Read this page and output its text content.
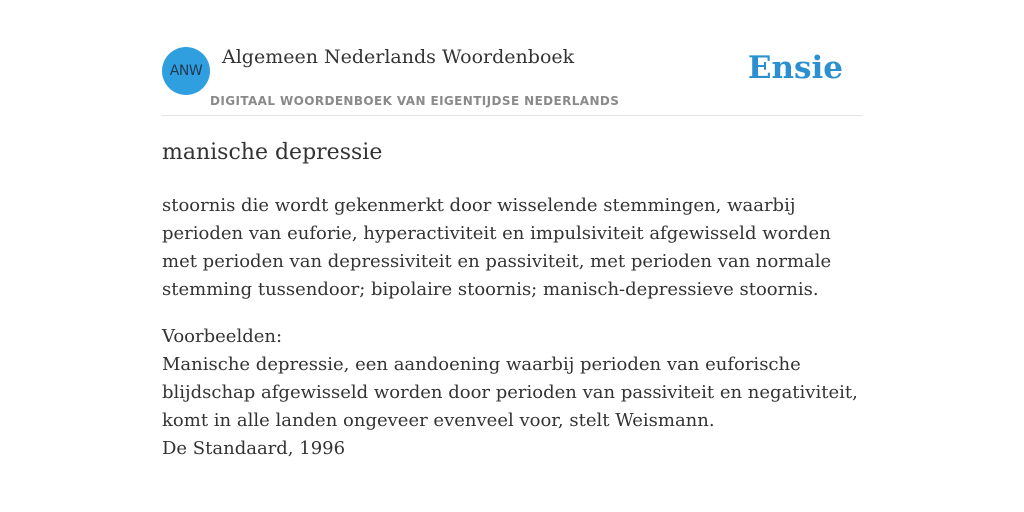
ANW
Algemeen Nederlands Woordenboek
DIGITAAL WOORDENBOEK VAN EIGENTIJDSE NEDERLANDS
Ensie
manische depressie

stoornis die wordt gekenmerkt door wisselende stemmingen, waarbij perioden van euforie, hyperactiviteit en impulsiviteit afgewisseld worden met perioden van depressiviteit en passiviteit, met perioden van normale stemming tussendoor; bipolaire stoornis; manisch-depressieve stoornis.

Voorbeelden:
Manische depressie, een aandoening waarbij perioden van euforische blijdschap afgewisseld worden door perioden van passiviteit en negativiteit, komt in alle landen ongeveer evenveel voor, stelt Weismann.
De Standaard, 1996
